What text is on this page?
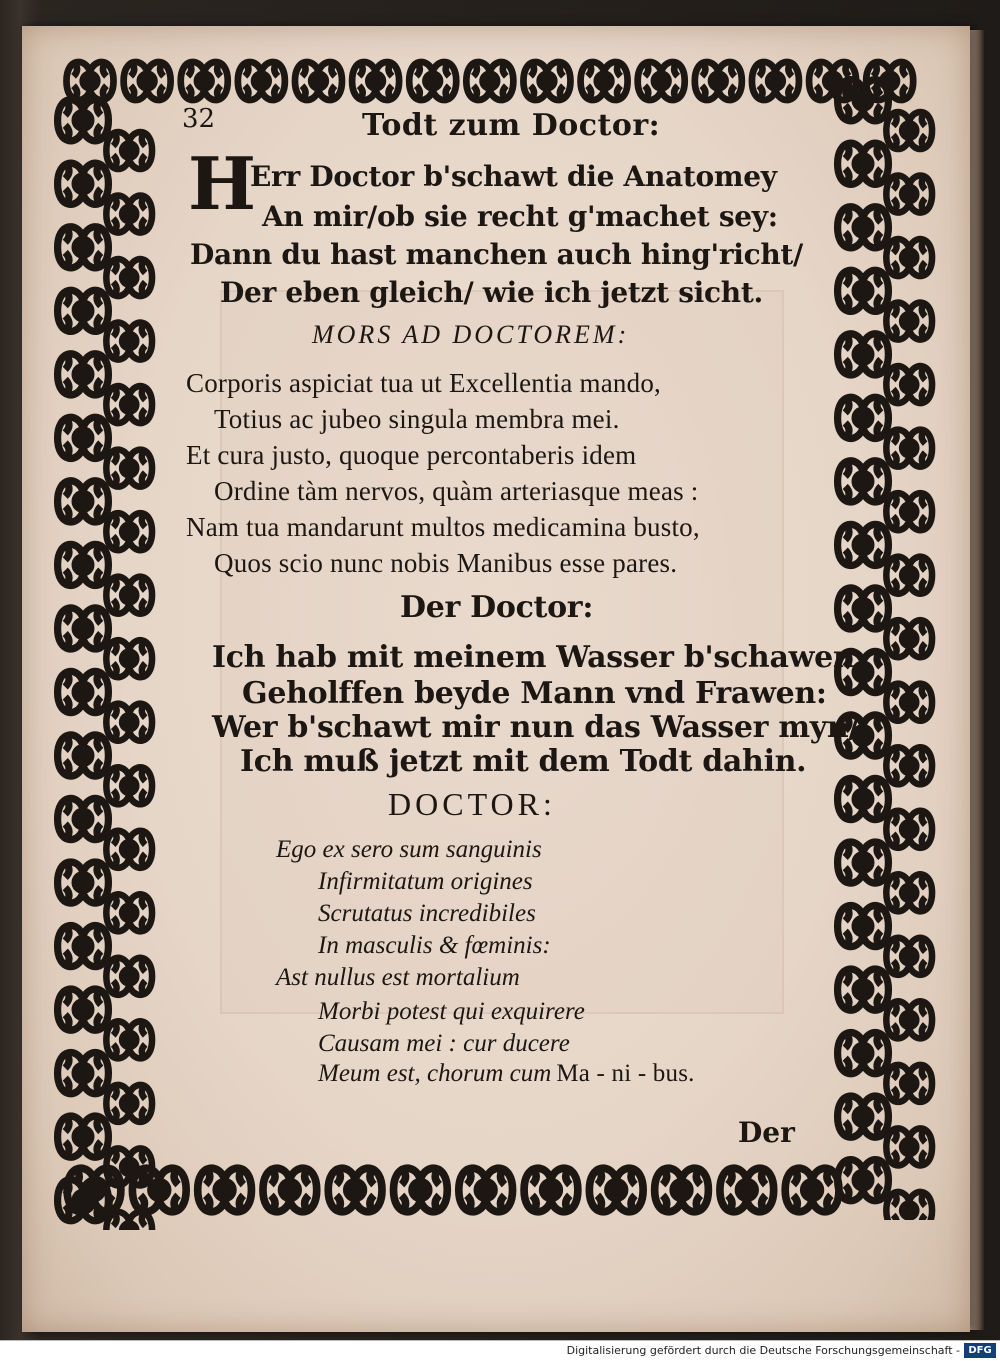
32	Todt zum Doctor:
H
Err Doctor b'schawt die Anatomey
An mir/ob sie recht g'machet sey:
Dann du hast manchen auch hing'richt/
Der eben gleich/ wie ich jetzt sicht.
MORS AD DOCTOREM:
Corporis aspiciat tua ut Excellentia mando,
Totius ac jubeo singula membra mei.
Et cura justo, quoque percontaberis idem
Ordine tàm nervos, quàm arteriasque meas :
Nam tua mandarunt multos medicamina busto,
Quos scio nunc nobis Manibus esse pares.
Der Doctor:
Ich hab mit meinem Wasser b'schawen
Geholffen beyde Mann vnd Frawen:
Wer b'schawt mir nun das Wasser myn/
Ich muß jetzt mit dem Todt dahin.
DOCTOR:
Ego ex sero sum sanguinis
Infirmitatum origines
Scrutatus incredibiles
In masculis & fœminis:
Ast nullus est mortalium
Morbi potest qui exquirere
Causam mei : cur ducere
Meum est, chorum cum Ma - ni - bus.
Der
Digitalisierung gefördert durch die Deutsche Forschungsgemeinschaft - DFG
